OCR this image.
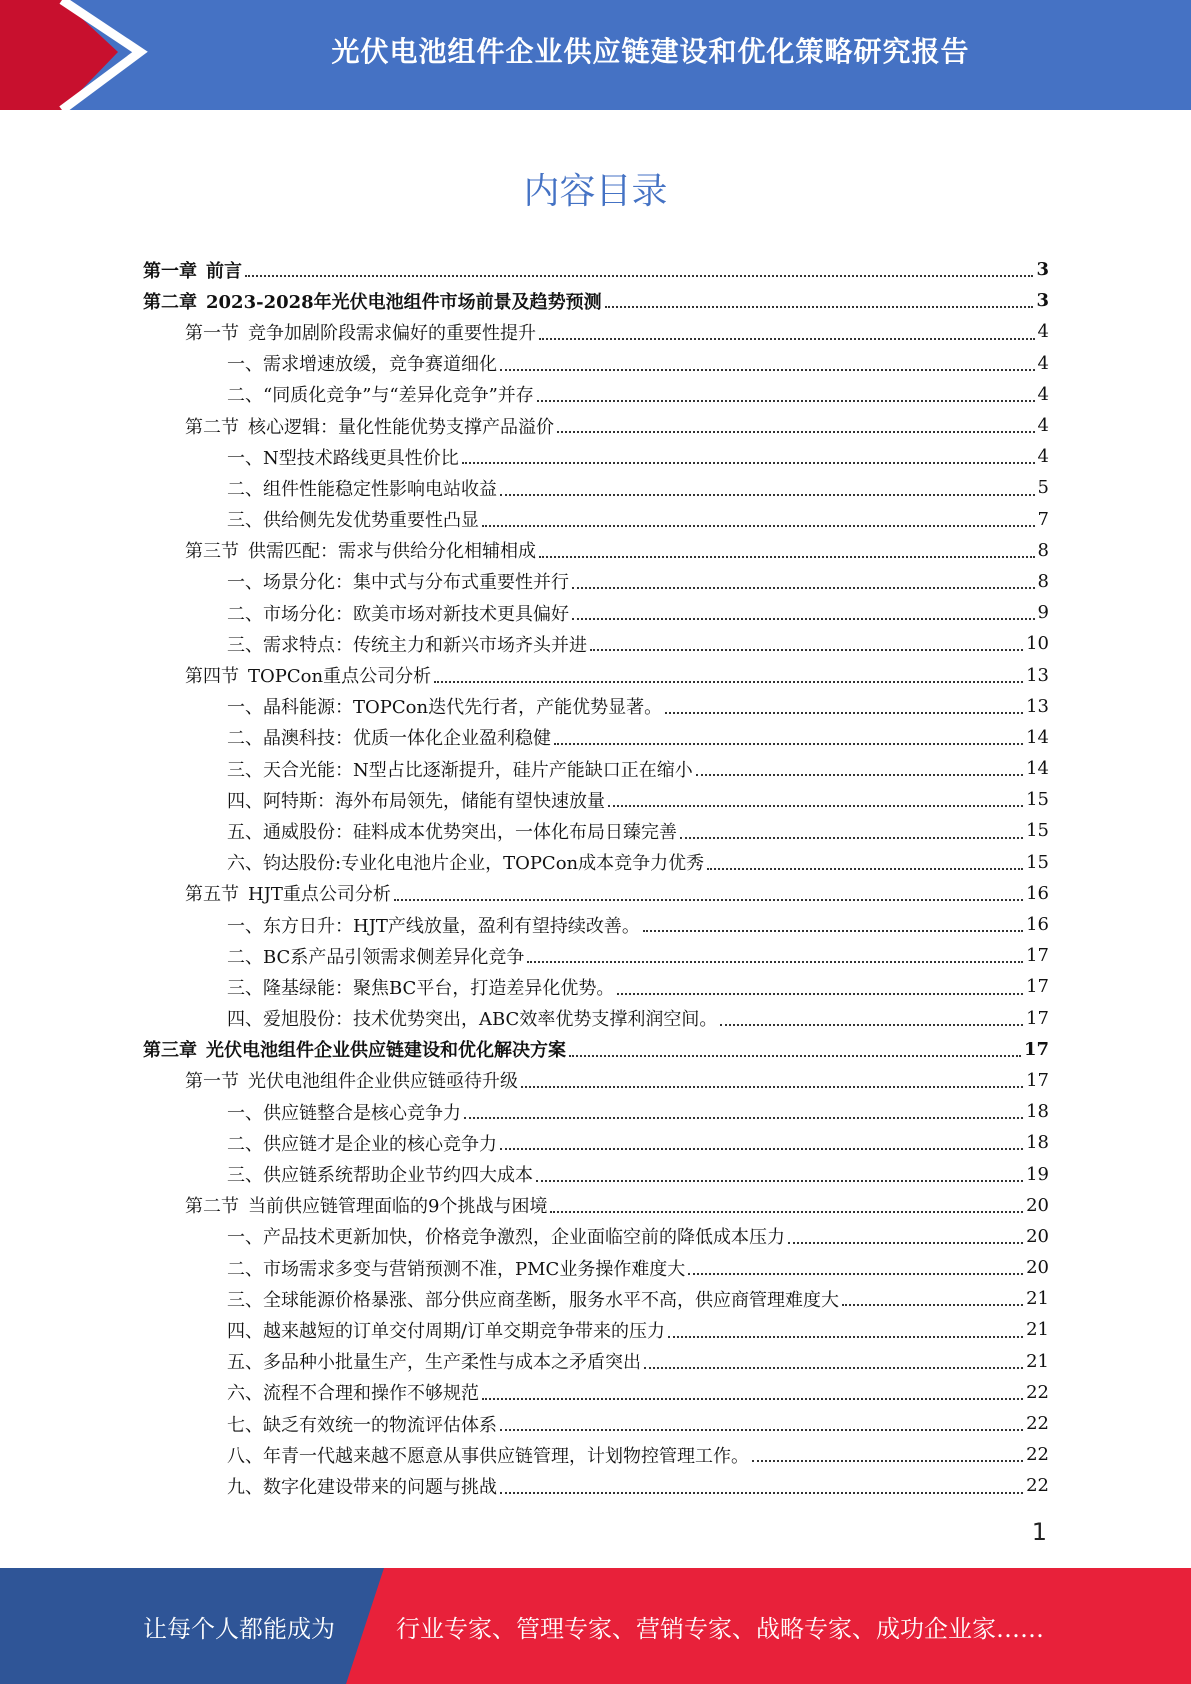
光伏电池组件企业供应链建设和优化策略研究报告
内容目录
第一章 前言	3
第二章 2023-2028年光伏电池组件市场前景及趋势预测	3
第一节 竞争加剧阶段需求偏好的重要性提升	4
一、需求增速放缓，竞争赛道细化	4
二、“同质化竞争”与“差异化竞争”并存	4
第二节 核心逻辑：量化性能优势支撑产品溢价	4
一、N型技术路线更具性价比	4
二、组件性能稳定性影响电站收益	5
三、供给侧先发优势重要性凸显	7
第三节 供需匹配：需求与供给分化相辅相成	8
一、场景分化：集中式与分布式重要性并行	8
二、市场分化：欧美市场对新技术更具偏好	9
三、需求特点：传统主力和新兴市场齐头并进	10
第四节 TOPCon重点公司分析	13
一、晶科能源：TOPCon迭代先行者，产能优势显著。	13
二、晶澳科技：优质一体化企业盈利稳健	14
三、天合光能：N型占比逐渐提升，硅片产能缺口正在缩小	14
四、阿特斯：海外布局领先，储能有望快速放量	15
五、通威股份：硅料成本优势突出，一体化布局日臻完善	15
六、钧达股份:专业化电池片企业，TOPCon成本竞争力优秀	15
第五节 HJT重点公司分析	16
一、东方日升：HJT产线放量，盈利有望持续改善。	16
二、BC系产品引领需求侧差异化竞争	17
三、隆基绿能：聚焦BC平台，打造差异化优势。	17
四、爱旭股份：技术优势突出，ABC效率优势支撑利润空间。	17
第三章 光伏电池组件企业供应链建设和优化解决方案	17
第一节 光伏电池组件企业供应链亟待升级	17
一、供应链整合是核心竞争力	18
二、供应链才是企业的核心竞争力	18
三、供应链系统帮助企业节约四大成本	19
第二节 当前供应链管理面临的9个挑战与困境	20
一、产品技术更新加快，价格竞争激烈，企业面临空前的降低成本压力	20
二、市场需求多变与营销预测不准，PMC业务操作难度大	20
三、全球能源价格暴涨、部分供应商垄断，服务水平不高，供应商管理难度大	21
四、越来越短的订单交付周期/订单交期竞争带来的压力	21
五、多品种小批量生产，生产柔性与成本之矛盾突出	21
六、流程不合理和操作不够规范	22
七、缺乏有效统一的物流评估体系	22
八、年青一代越来越不愿意从事供应链管理，计划物控管理工作。	22
九、数字化建设带来的问题与挑战	22
1
让每个人都能成为	行业专家、管理专家、营销专家、战略专家、成功企业家……
